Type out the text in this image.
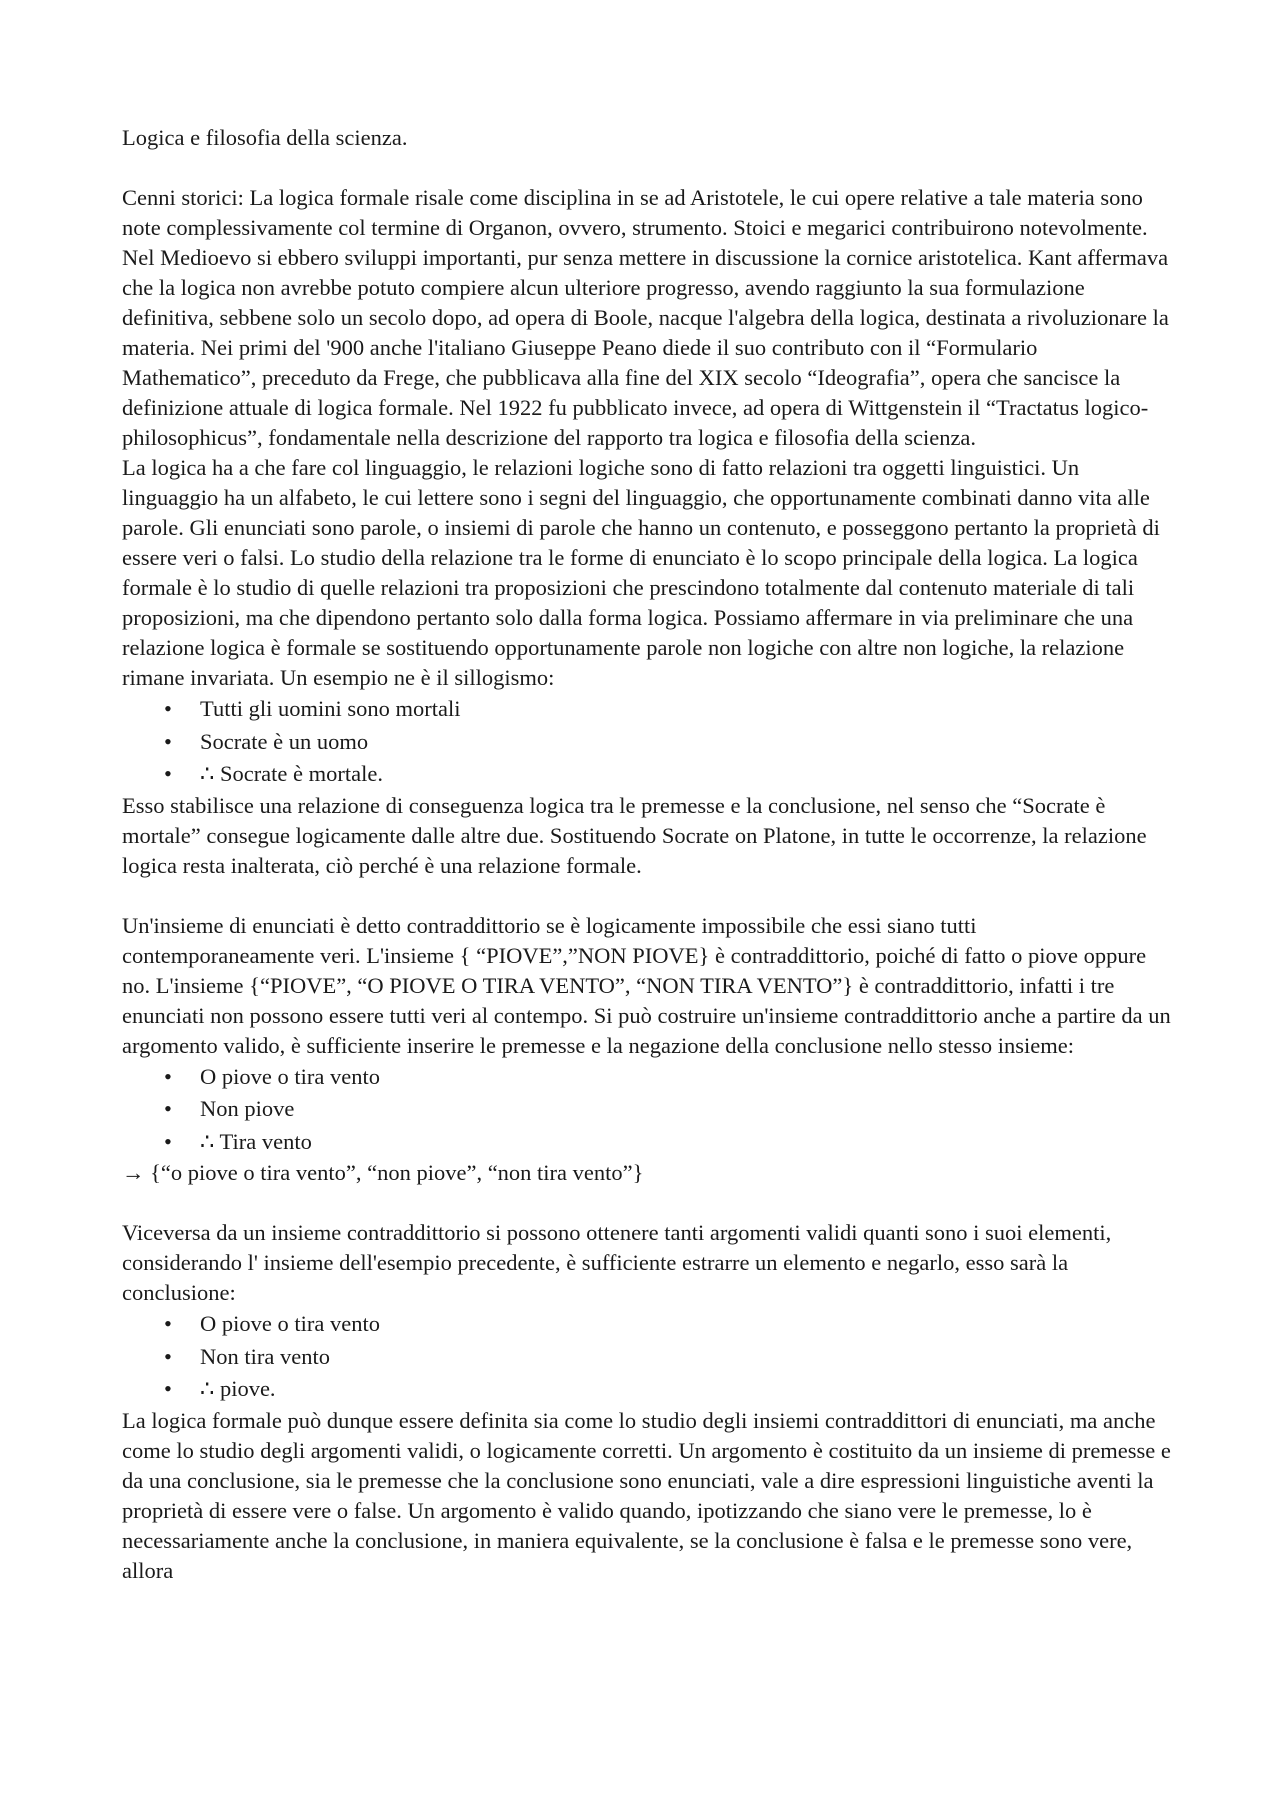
Logica e filosofia della scienza.

Cenni storici: La logica formale risale come disciplina in se ad Aristotele, le cui opere relative a tale materia sono note complessivamente col termine di Organon, ovvero, strumento. Stoici e megarici contribuirono notevolmente. Nel Medioevo si ebbero sviluppi importanti, pur senza mettere in discussione la cornice aristotelica. Kant affermava che la logica non avrebbe potuto compiere alcun ulteriore progresso, avendo raggiunto la sua formulazione definitiva, sebbene solo un secolo dopo, ad opera di Boole, nacque l'algebra della logica, destinata a rivoluzionare la materia. Nei primi del '900 anche l'italiano Giuseppe Peano diede il suo contributo con il “Formulario Mathematico”, preceduto da Frege, che pubblicava alla fine del XIX secolo “Ideografia”, opera che sancisce la definizione attuale di logica formale. Nel 1922 fu pubblicato invece, ad opera di Wittgenstein il “Tractatus logico-philosophicus”, fondamentale nella descrizione del rapporto tra logica e filosofia della scienza.

La logica ha a che fare col linguaggio, le relazioni logiche sono di fatto relazioni tra oggetti linguistici. Un linguaggio ha un alfabeto, le cui lettere sono i segni del linguaggio, che opportunamente combinati danno vita alle parole. Gli enunciati sono parole, o insiemi di parole che hanno un contenuto, e posseggono pertanto la proprietà di essere veri o falsi. Lo studio della relazione tra le forme di enunciato è lo scopo principale della logica. La logica formale è lo studio di quelle relazioni tra proposizioni che prescindono totalmente dal contenuto materiale di tali proposizioni, ma che dipendono pertanto solo dalla forma logica. Possiamo affermare in via preliminare che una relazione logica è formale se sostituendo opportunamente parole non logiche con altre non logiche, la relazione rimane invariata. Un esempio ne è il sillogismo:

• Tutti gli uomini sono mortali
• Socrate è un uomo
• ∴ Socrate è mortale.

Esso stabilisce una relazione di conseguenza logica tra le premesse e la conclusione, nel senso che “Socrate è mortale” consegue logicamente dalle altre due. Sostituendo Socrate on Platone, in tutte le occorrenze, la relazione logica resta inalterata, ciò perché è una relazione formale.

Un'insieme di enunciati è detto contraddittorio se è logicamente impossibile che essi siano tutti contemporaneamente veri. L'insieme { “PIOVE”,”NON PIOVE} è contraddittorio, poiché di fatto o piove oppure no. L'insieme {“PIOVE”, “O PIOVE O TIRA VENTO”, “NON TIRA VENTO”} è contraddittorio, infatti i tre enunciati non possono essere tutti veri al contempo. Si può costruire un'insieme contraddittorio anche a partire da un argomento valido, è sufficiente inserire le premesse e la negazione della conclusione nello stesso insieme:

• O piove o tira vento
• Non piove
• ∴ Tira vento

→ {“o piove o tira vento”, “non piove”, “non tira vento”}

Viceversa da un insieme contraddittorio si possono ottenere tanti argomenti validi quanti sono i suoi elementi, considerando l' insieme dell'esempio precedente, è sufficiente estrarre un elemento e negarlo, esso sarà la conclusione:

• O piove o tira vento
• Non tira vento
• ∴ piove.

La logica formale può dunque essere definita sia come lo studio degli insiemi contraddittori di enunciati, ma anche come lo studio degli argomenti validi, o logicamente corretti. Un argomento è costituito da un insieme di premesse e da una conclusione, sia le premesse che la conclusione sono enunciati, vale a dire espressioni linguistiche aventi la proprietà di essere vere o false. Un argomento è valido quando, ipotizzando che siano vere le premesse, lo è necessariamente anche la conclusione, in maniera equivalente, se la conclusione è falsa e le premesse sono vere, allora
